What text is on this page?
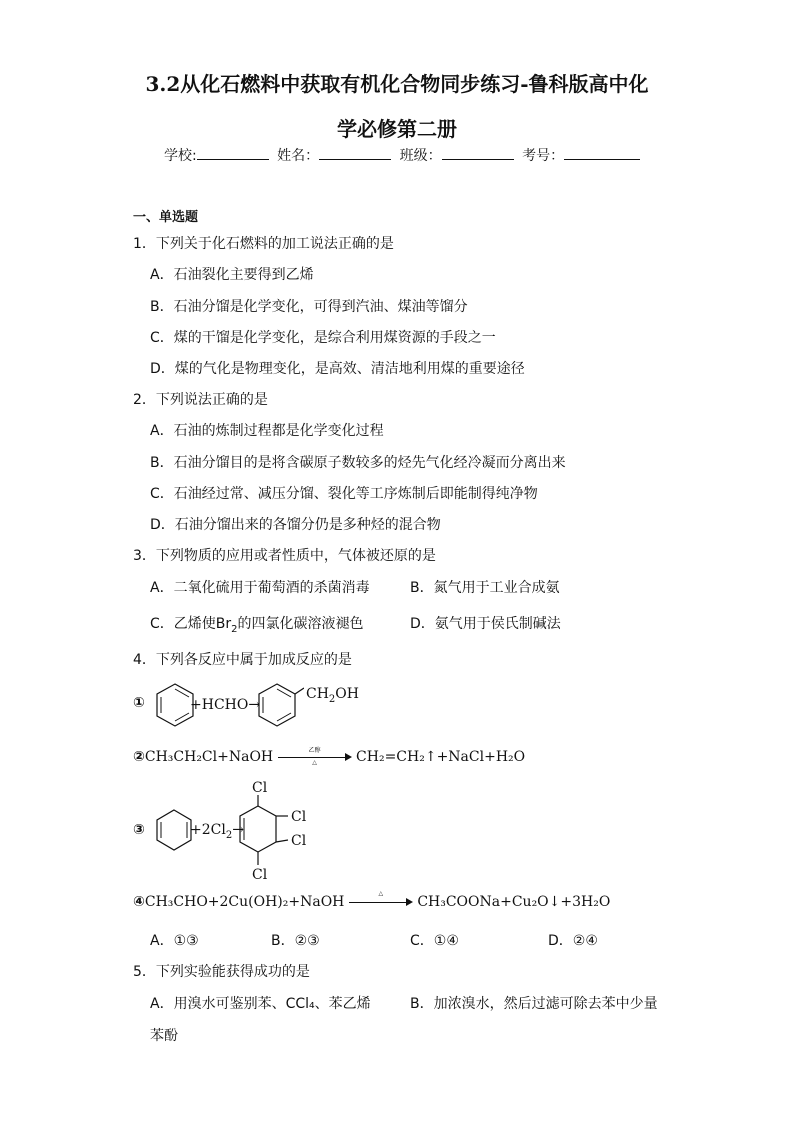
3.2从化石燃料中获取有机化合物同步练习-鲁科版高中化
学必修第二册
学校:	姓名：	班级：	考号：
一、单选题
1．下列关于化石燃料的加工说法正确的是
A．石油裂化主要得到乙烯
B．石油分馏是化学变化，可得到汽油、煤油等馏分
C．煤的干馏是化学变化，是综合利用煤资源的手段之一
D．煤的气化是物理变化，是高效、清洁地利用煤的重要途径
2．下列说法正确的是
A．石油的炼制过程都是化学变化过程
B．石油分馏目的是将含碳原子数较多的烃先气化经冷凝而分离出来
C．石油经过常、减压分馏、裂化等工序炼制后即能制得纯净物
D．石油分馏出来的各馏分仍是多种烃的混合物
3．下列物质的应用或者性质中，气体被还原的是
A．二氧化硫用于葡萄酒的杀菌消毒	B．氮气用于工业合成氨
C．乙烯使$Br_2$的四氯化碳溶液褪色	D．氨气用于侯氏制碱法
4．下列各反应中属于加成反应的是
①	+HCHO→
$CH_2OH$
②CH₃CH₂Cl+NaOH	乙醇
△	CH₂=CH₂↑+NaCl+H₂O
③	$+2Cl_2\to$
Cl
Cl
Cl
Cl
④CH₃CHO+2Cu(OH)₂+NaOH
△
CH₃COONa+Cu₂O↓+3H₂O
A．①③	B．②③	C．①④	D．②④
5．下列实验能获得成功的是
A．用溴水可鉴别苯、CCl₄、苯乙烯	B．加浓溴水，然后过滤可除去苯中少量
苯酚
